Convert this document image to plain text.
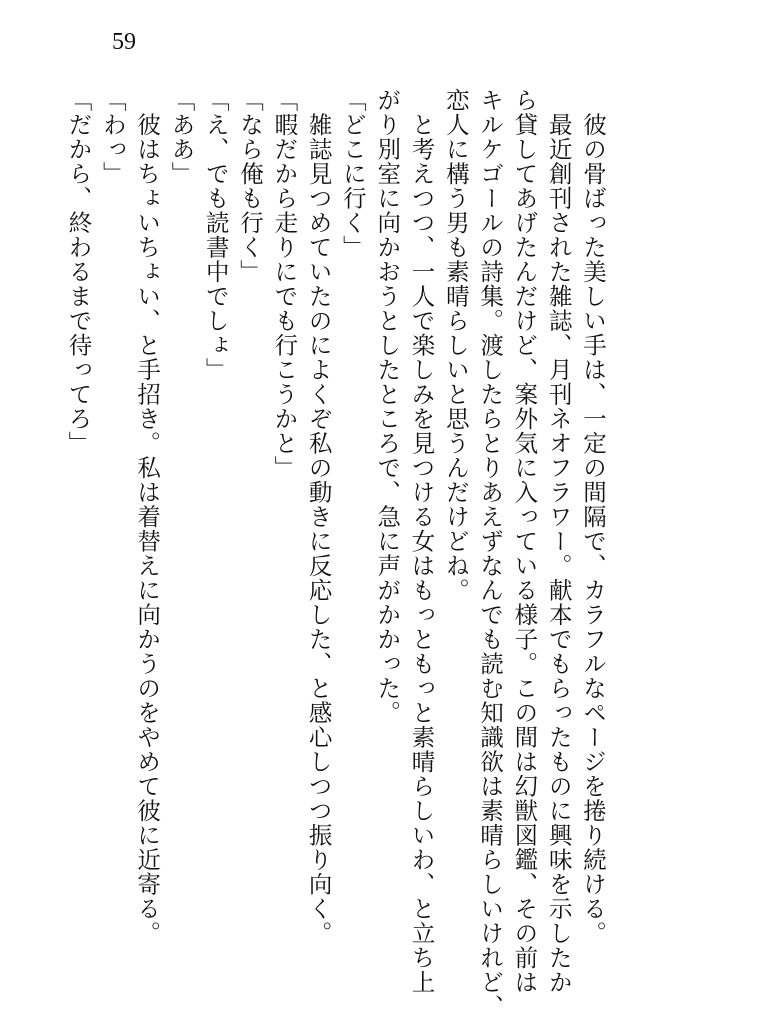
59
　彼の骨ばった美しい手は、一定の間隔で、カラフルなページを捲り続ける。
　最近創刊された雑誌、月刊ネオフラワー。献本でもらったものに興味を示したか
ら貸してあげたんだけど、案外気に入っている様子。この間は幻獣図鑑、その前は
キルケゴールの詩集。渡したらとりあえずなんでも読む知識欲は素晴らしいけれど、
恋人に構う男も素晴らしいと思うんだけどね。
　と考えつつ、一人で楽しみを見つける女はもっともっと素晴らしいわ、と立ち上
がり別室に向かおうとしたところで、急に声がかかった。
「どこに行く」
　雑誌見つめていたのによくぞ私の動きに反応した、と感心しつつ振り向く。
「暇だから走りにでも行こうかと」
「なら俺も行く」
「え、でも読書中でしょ」
「ああ」
　彼はちょいちょい、と手招き。私は着替えに向かうのをやめて彼に近寄る。
「わっ」
「だから、終わるまで待ってろ」
